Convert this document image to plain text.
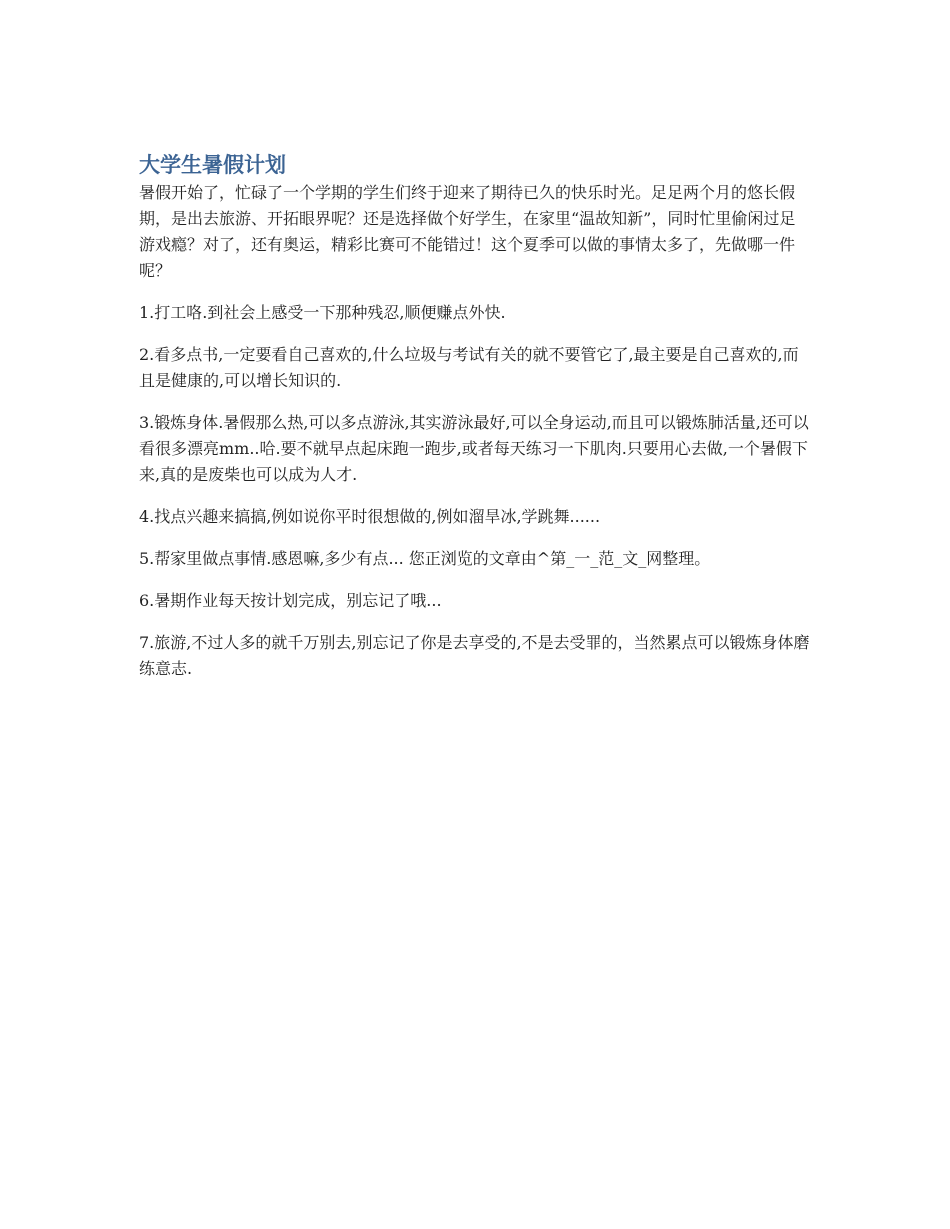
大学生暑假计划

暑假开始了，忙碌了一个学期的学生们终于迎来了期待已久的快乐时光。足足两个月的悠长假期，是出去旅游、开拓眼界呢？还是选择做个好学生，在家里“温故知新”，同时忙里偷闲过足游戏瘾？对了，还有奥运，精彩比赛可不能错过！这个夏季可以做的事情太多了，先做哪一件呢？

1.打工咯.到社会上感受一下那种残忍,顺便赚点外快.

2.看多点书,一定要看自己喜欢的,什么垃圾与考试有关的就不要管它了,最主要是自己喜欢的,而且是健康的,可以增长知识的.

3.锻炼身体.暑假那么热,可以多点游泳,其实游泳最好,可以全身运动,而且可以锻炼肺活量,还可以看很多漂亮mm..哈.要不就早点起床跑一跑步,或者每天练习一下肌肉.只要用心去做,一个暑假下来,真的是废柴也可以成为人才.

4.找点兴趣来搞搞,例如说你平时很想做的,例如溜旱冰,学跳舞......

5.帮家里做点事情.感恩嘛,多少有点... 您正浏览的文章由^第_一_范_文_网整理。

6.暑期作业每天按计划完成，别忘记了哦...

7.旅游,不过人多的就千万别去,别忘记了你是去享受的,不是去受罪的，当然累点可以锻炼身体磨练意志.
